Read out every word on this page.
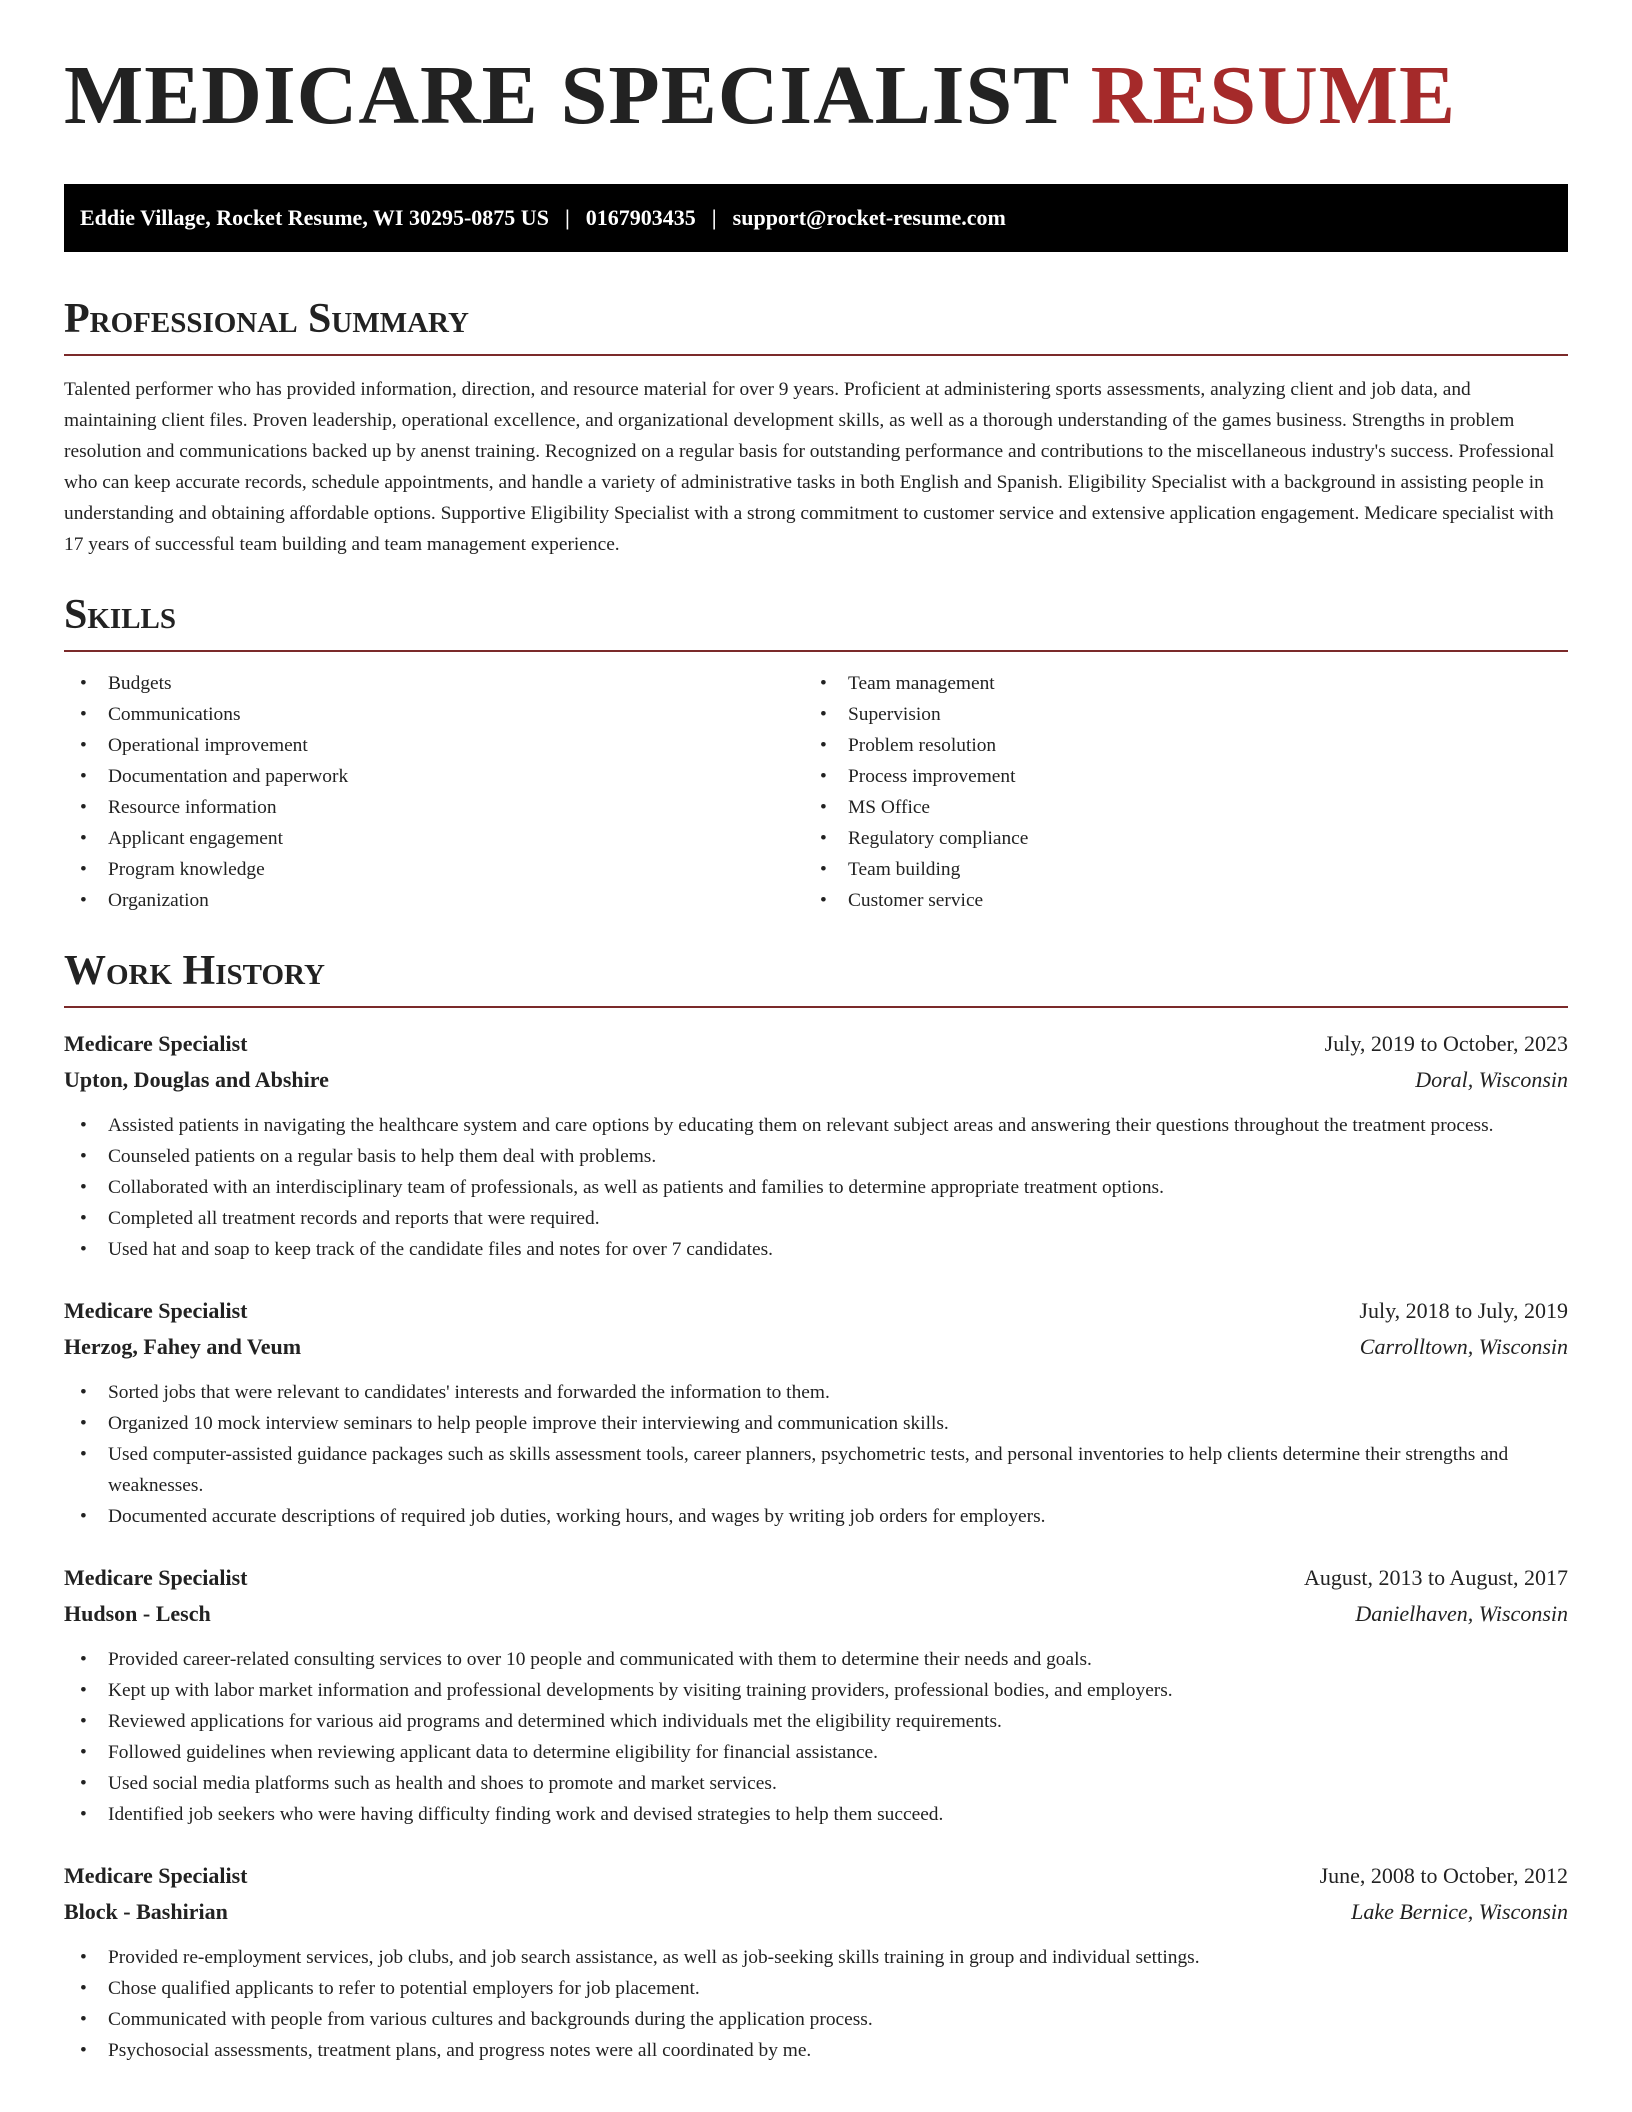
MEDICARE SPECIALIST RESUME
Eddie Village, Rocket Resume, WI 30295-0875 US | 0167903435 | support@rocket-resume.com
Professional Summary

Talented performer who has provided information, direction, and resource material for over 9 years. Proficient at administering sports assessments, analyzing client and job data, and maintaining client files. Proven leadership, operational excellence, and organizational development skills, as well as a thorough understanding of the games business. Strengths in problem resolution and communications backed up by anenst training. Recognized on a regular basis for outstanding performance and contributions to the miscellaneous industry's success. Professional who can keep accurate records, schedule appointments, and handle a variety of administrative tasks in both English and Spanish. Eligibility Specialist with a background in assisting people in understanding and obtaining affordable options. Supportive Eligibility Specialist with a strong commitment to customer service and extensive application engagement. Medicare specialist with 17 years of successful team building and team management experience.

Skills
• Budgets
• Communications
• Operational improvement
• Documentation and paperwork
• Resource information
• Applicant engagement
• Program knowledge
• Organization
• Team management
• Supervision
• Problem resolution
• Process improvement
• MS Office
• Regulatory compliance
• Team building
• Customer service
Work History
Medicare Specialist	July, 2019 to October, 2023
Upton, Douglas and Abshire	Doral, Wisconsin
• Assisted patients in navigating the healthcare system and care options by educating them on relevant subject areas and answering their questions throughout the treatment process.
• Counseled patients on a regular basis to help them deal with problems.
• Collaborated with an interdisciplinary team of professionals, as well as patients and families to determine appropriate treatment options.
• Completed all treatment records and reports that were required.
• Used hat and soap to keep track of the candidate files and notes for over 7 candidates.
Medicare Specialist	July, 2018 to July, 2019
Herzog, Fahey and Veum	Carrolltown, Wisconsin
• Sorted jobs that were relevant to candidates' interests and forwarded the information to them.
• Organized 10 mock interview seminars to help people improve their interviewing and communication skills.
• Used computer-assisted guidance packages such as skills assessment tools, career planners, psychometric tests, and personal inventories to help clients determine their strengths and weaknesses.
• Documented accurate descriptions of required job duties, working hours, and wages by writing job orders for employers.
Medicare Specialist	August, 2013 to August, 2017
Hudson - Lesch	Danielhaven, Wisconsin
• Provided career-related consulting services to over 10 people and communicated with them to determine their needs and goals.
• Kept up with labor market information and professional developments by visiting training providers, professional bodies, and employers.
• Reviewed applications for various aid programs and determined which individuals met the eligibility requirements.
• Followed guidelines when reviewing applicant data to determine eligibility for financial assistance.
• Used social media platforms such as health and shoes to promote and market services.
• Identified job seekers who were having difficulty finding work and devised strategies to help them succeed.
Medicare Specialist	June, 2008 to October, 2012
Block - Bashirian	Lake Bernice, Wisconsin
• Provided re-employment services, job clubs, and job search assistance, as well as job-seeking skills training in group and individual settings.
• Chose qualified applicants to refer to potential employers for job placement.
• Communicated with people from various cultures and backgrounds during the application process.
• Psychosocial assessments, treatment plans, and progress notes were all coordinated by me.
